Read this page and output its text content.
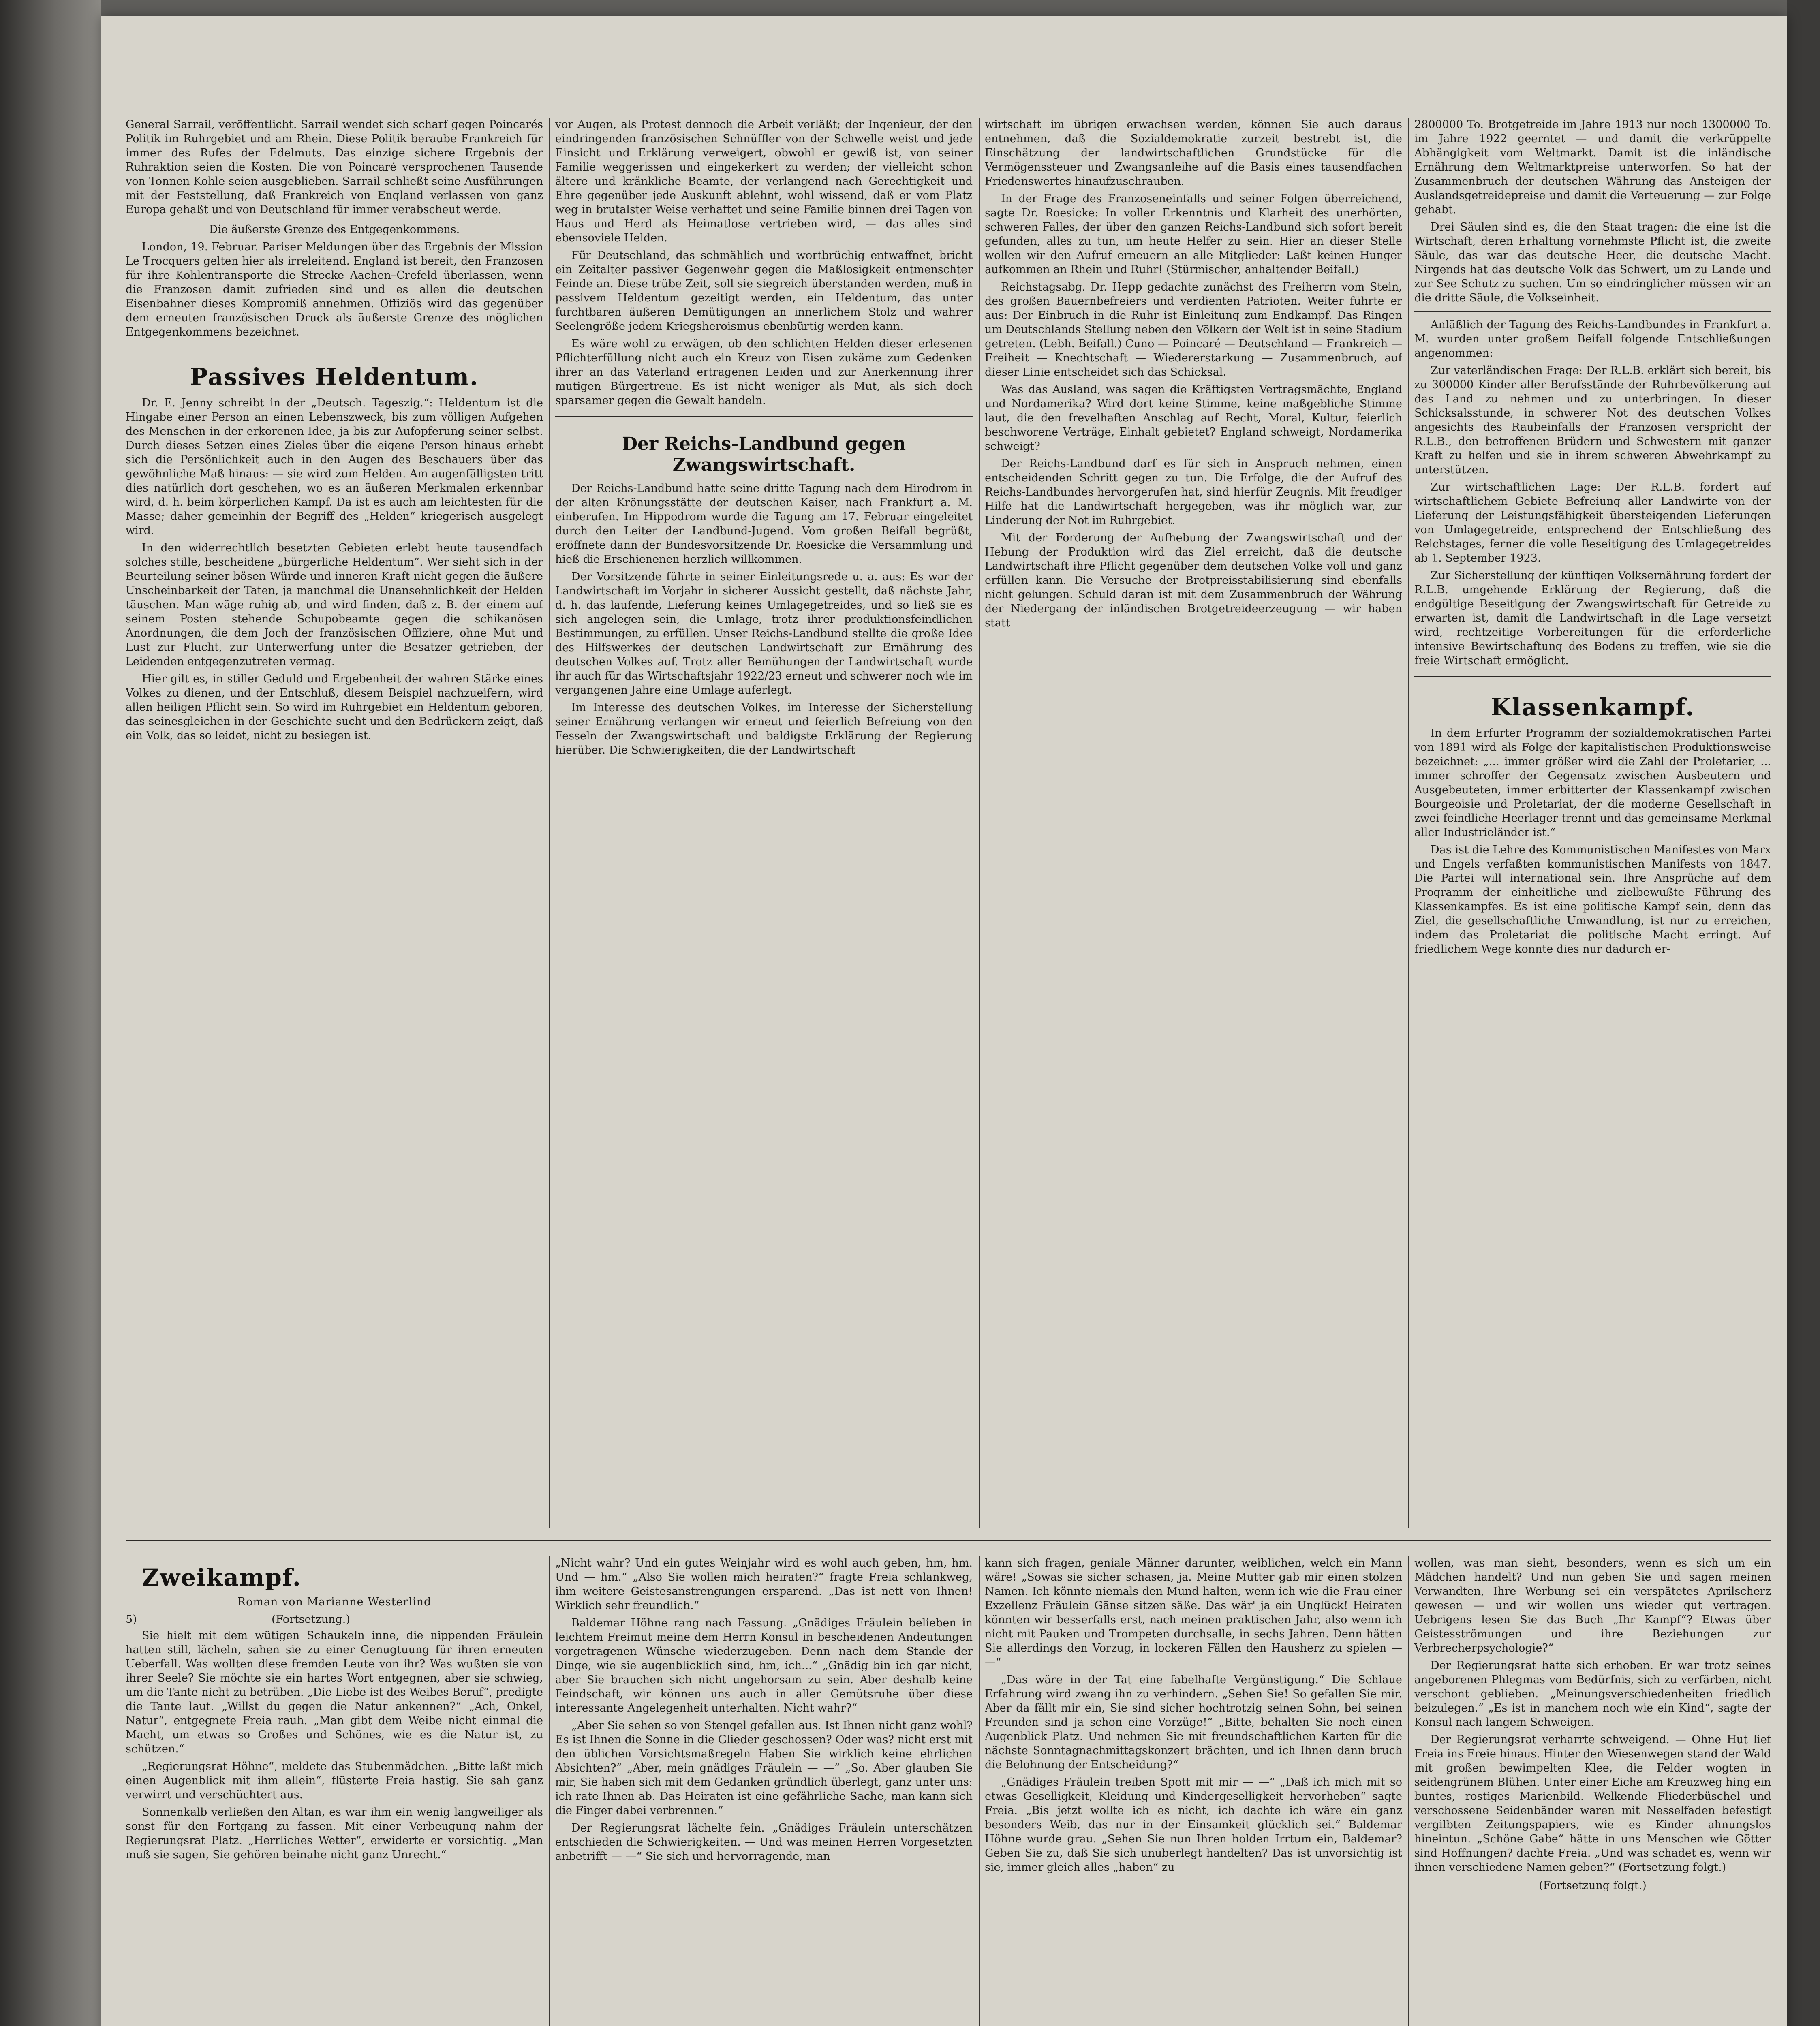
General Sarrail, veröffentlicht. Sarrail wendet sich scharf gegen Poincarés Politik im Ruhrgebiet und am Rhein. Diese Politik beraube Frankreich für immer des Rufes der Edelmuts. Das einzige sichere Ergebnis der Ruhraktion seien die Kosten. Die von Poincaré versprochenen Tausende von Tonnen Kohle seien ausgeblieben. Sarrail schließt seine Ausführungen mit der Feststellung, daß Frankreich von England verlassen von ganz Europa gehaßt und von Deutschland für immer verabscheut werde.

Die äußerste Grenze des Entgegenkommens.

London, 19. Februar. Pariser Meldungen über das Ergebnis der Mission Le Trocquers gelten hier als irreleitend. England ist bereit, den Franzosen für ihre Kohlentransporte die Strecke Aachen–Crefeld überlassen, wenn die Franzosen damit zufrieden sind und es allen die deutschen Eisenbahner dieses Kompromiß annehmen. Offiziös wird das gegenüber dem erneuten französischen Druck als äußerste Grenze des möglichen Entgegenkommens bezeichnet.

Passives Heldentum.

Dr. E. Jenny schreibt in der „Deutsch. Tageszig.“: Heldentum ist die Hingabe einer Person an einen Lebenszweck, bis zum völligen Aufgehen des Menschen in der erkorenen Idee, ja bis zur Aufopferung seiner selbst. Durch dieses Setzen eines Zieles über die eigene Person hinaus erhebt sich die Persönlichkeit auch in den Augen des Beschauers über das gewöhnliche Maß hinaus: — sie wird zum Helden. Am augenfälligsten tritt dies natürlich dort geschehen, wo es an äußeren Merkmalen erkennbar wird, d. h. beim körperlichen Kampf. Da ist es auch am leichtesten für die Masse; daher gemeinhin der Begriff des „Helden“ kriegerisch ausgelegt wird.

In den widerrechtlich besetzten Gebieten erlebt heute tausendfach solches stille, bescheidene „bürgerliche Heldentum“. Wer sieht sich in der Beurteilung seiner bösen Würde und inneren Kraft nicht gegen die äußere Unscheinbarkeit der Taten, ja manchmal die Unansehnlichkeit der Helden täuschen. Man wäge ruhig ab, und wird finden, daß z. B. der einem auf seinem Posten stehende Schupobeamte gegen die schikanösen Anordnungen, die dem Joch der französischen Offiziere, ohne Mut und Lust zur Flucht, zur Unterwerfung unter die Besatzer getrieben, der Leidenden entgegenzutreten vermag.

Hier gilt es, in stiller Geduld und Ergebenheit der wahren Stärke eines Volkes zu dienen, und der Entschluß, diesem Beispiel nachzueifern, wird allen heiligen Pflicht sein. So wird im Ruhrgebiet ein Heldentum geboren, das seinesgleichen in der Geschichte sucht und den Bedrückern zeigt, daß ein Volk, das so leidet, nicht zu besiegen ist.

vor Augen, als Protest dennoch die Arbeit verläßt; der Ingenieur, der den eindringenden französischen Schnüffler von der Schwelle weist und jede Einsicht und Erklärung verweigert, obwohl er gewiß ist, von seiner Familie weggerissen und eingekerkert zu werden; der vielleicht schon ältere und kränkliche Beamte, der verlangend nach Gerechtigkeit und Ehre gegenüber jede Auskunft ablehnt, wohl wissend, daß er vom Platz weg in brutalster Weise verhaftet und seine Familie binnen drei Tagen von Haus und Herd als Heimatlose vertrieben wird, — das alles sind ebensoviele Helden.

Für Deutschland, das schmählich und wortbrüchig entwaffnet, bricht ein Zeitalter passiver Gegenwehr gegen die Maßlosigkeit entmenschter Feinde an. Diese trübe Zeit, soll sie siegreich überstanden werden, muß in passivem Heldentum gezeitigt werden, ein Heldentum, das unter furchtbaren äußeren Demütigungen an innerlichem Stolz und wahrer Seelengröße jedem Kriegsheroismus ebenbürtig werden kann.

Es wäre wohl zu erwägen, ob den schlichten Helden dieser erlesenen Pflichterfüllung nicht auch ein Kreuz von Eisen zukäme zum Gedenken ihrer an das Vaterland ertragenen Leiden und zur Anerkennung ihrer mutigen Bürgertreue. Es ist nicht weniger als Mut, als sich doch sparsamer gegen die Gewalt handeln.

Der Reichs-Landbund gegen Zwangswirtschaft.

Der Reichs-Landbund hatte seine dritte Tagung nach dem Hirodrom in der alten Krönungsstätte der deutschen Kaiser, nach Frankfurt a. M. einberufen. Im Hippodrom wurde die Tagung am 17. Februar eingeleitet durch den Leiter der Landbund-Jugend. Vom großen Beifall begrüßt, eröffnete dann der Bundesvorsitzende Dr. Roesicke die Versammlung und hieß die Erschienenen herzlich willkommen.

Der Vorsitzende führte in seiner Einleitungsrede u. a. aus: Es war der Landwirtschaft im Vorjahr in sicherer Aussicht gestellt, daß nächste Jahr, d. h. das laufende, Lieferung keines Umlagegetreides, und so ließ sie es sich angelegen sein, die Umlage, trotz ihrer produktionsfeindlichen Bestimmungen, zu erfüllen. Unser Reichs-Landbund stellte die große Idee des Hilfswerkes der deutschen Landwirtschaft zur Ernährung des deutschen Volkes auf. Trotz aller Bemühungen der Landwirtschaft wurde ihr auch für das Wirtschaftsjahr 1922/23 erneut und schwerer noch wie im vergangenen Jahre eine Umlage auferlegt.

Im Interesse des deutschen Volkes, im Interesse der Sicherstellung seiner Ernährung verlangen wir erneut und feierlich Befreiung von den Fesseln der Zwangswirtschaft und baldigste Erklärung der Regierung hierüber. Die Schwierigkeiten, die der Landwirtschaft

wirtschaft im übrigen erwachsen werden, können Sie auch daraus entnehmen, daß die Sozialdemokratie zurzeit bestrebt ist, die Einschätzung der landwirtschaftlichen Grundstücke für die Vermögenssteuer und Zwangsanleihe auf die Basis eines tausendfachen Friedenswertes hinaufzuschrauben.

In der Frage des Franzoseneinfalls und seiner Folgen überreichend, sagte Dr. Roesicke: In voller Erkenntnis und Klarheit des unerhörten, schweren Falles, der über den ganzen Reichs-Landbund sich sofort bereit gefunden, alles zu tun, um heute Helfer zu sein. Hier an dieser Stelle wollen wir den Aufruf erneuern an alle Mitglieder: Laßt keinen Hunger aufkommen an Rhein und Ruhr! (Stürmischer, anhaltender Beifall.)

Reichstagsabg. Dr. Hepp gedachte zunächst des Freiherrn vom Stein, des großen Bauernbefreiers und verdienten Patrioten. Weiter führte er aus: Der Einbruch in die Ruhr ist Einleitung zum Endkampf. Das Ringen um Deutschlands Stellung neben den Völkern der Welt ist in seine Stadium getreten. (Lebh. Beifall.) Cuno — Poincaré — Deutschland — Frankreich — Freiheit — Knechtschaft — Wiedererstarkung — Zusammenbruch, auf dieser Linie entscheidet sich das Schicksal.

Was das Ausland, was sagen die Kräftigsten Vertragsmächte, England und Nordamerika? Wird dort keine Stimme, keine maßgebliche Stimme laut, die den frevelhaften Anschlag auf Recht, Moral, Kultur, feierlich beschworene Verträge, Einhalt gebietet? England schweigt, Nordamerika schweigt?

Der Reichs-Landbund darf es für sich in Anspruch nehmen, einen entscheidenden Schritt gegen zu tun. Die Erfolge, die der Aufruf des Reichs-Landbundes hervorgerufen hat, sind hierfür Zeugnis. Mit freudiger Hilfe hat die Landwirtschaft hergegeben, was ihr möglich war, zur Linderung der Not im Ruhrgebiet.

Mit der Forderung der Aufhebung der Zwangswirtschaft und der Hebung der Produktion wird das Ziel erreicht, daß die deutsche Landwirtschaft ihre Pflicht gegenüber dem deutschen Volke voll und ganz erfüllen kann. Die Versuche der Brotpreisstabilisierung sind ebenfalls nicht gelungen. Schuld daran ist mit dem Zusammenbruch der Währung der Niedergang der inländischen Brotgetreideerzeugung — wir haben statt

2800000 To. Brotgetreide im Jahre 1913 nur noch 1300000 To. im Jahre 1922 geerntet — und damit die verkrüppelte Abhängigkeit vom Weltmarkt. Damit ist die inländische Ernährung dem Weltmarktpreise unterworfen. So hat der Zusammenbruch der deutschen Währung das Ansteigen der Auslandsgetreidepreise und damit die Verteuerung — zur Folge gehabt.

Drei Säulen sind es, die den Staat tragen: die eine ist die Wirtschaft, deren Erhaltung vornehmste Pflicht ist, die zweite Säule, das war das deutsche Heer, die deutsche Macht. Nirgends hat das deutsche Volk das Schwert, um zu Lande und zur See Schutz zu suchen. Um so eindringlicher müssen wir an die dritte Säule, die Volkseinheit.

Anläßlich der Tagung des Reichs-Landbundes in Frankfurt a. M. wurden unter großem Beifall folgende Entschließungen angenommen:

Zur vaterländischen Frage: Der R.L.B. erklärt sich bereit, bis zu 300000 Kinder aller Berufsstände der Ruhrbevölkerung auf das Land zu nehmen und zu unterbringen. In dieser Schicksalsstunde, in schwerer Not des deutschen Volkes angesichts des Raubeinfalls der Franzosen verspricht der R.L.B., den betroffenen Brüdern und Schwestern mit ganzer Kraft zu helfen und sie in ihrem schweren Abwehrkampf zu unterstützen.

Zur wirtschaftlichen Lage: Der R.L.B. fordert auf wirtschaftlichem Gebiete Befreiung aller Landwirte von der Lieferung der Leistungsfähigkeit übersteigenden Lieferungen von Umlagegetreide, entsprechend der Entschließung des Reichstages, ferner die volle Beseitigung des Umlagegetreides ab 1. September 1923.

Zur Sicherstellung der künftigen Volksernährung fordert der R.L.B. umgehende Erklärung der Regierung, daß die endgültige Beseitigung der Zwangswirtschaft für Getreide zu erwarten ist, damit die Landwirtschaft in die Lage versetzt wird, rechtzeitige Vorbereitungen für die erforderliche intensive Bewirtschaftung des Bodens zu treffen, wie sie die freie Wirtschaft ermöglicht.

Klassenkampf.

In dem Erfurter Programm der sozialdemokratischen Partei von 1891 wird als Folge der kapitalistischen Produktionsweise bezeichnet: „... immer größer wird die Zahl der Proletarier, ... immer schroffer der Gegensatz zwischen Ausbeutern und Ausgebeuteten, immer erbitterter der Klassenkampf zwischen Bourgeoisie und Proletariat, der die moderne Gesellschaft in zwei feindliche Heerlager trennt und das gemeinsame Merkmal aller Industrieländer ist.“

Das ist die Lehre des Kommunistischen Manifestes von Marx und Engels verfaßten kommunistischen Manifests von 1847. Die Partei will international sein. Ihre Ansprüche auf dem Programm der einheitliche und zielbewußte Führung des Klassenkampfes. Es ist eine politische Kampf sein, denn das Ziel, die gesellschaftliche Umwandlung, ist nur zu erreichen, indem das Proletariat die politische Macht erringt. Auf friedlichem Wege konnte dies nur dadurch er-

Zweikampf.

Roman von Marianne Westerlind

5)	(Fortsetzung.)

Sie hielt mit dem wütigen Schaukeln inne, die nippenden Fräulein hatten still, lächeln, sahen sie zu einer Genugtuung für ihren erneuten Ueberfall. Was wollten diese fremden Leute von ihr? Was wußten sie von ihrer Seele? Sie möchte sie ein hartes Wort entgegnen, aber sie schwieg, um die Tante nicht zu betrüben. „Die Liebe ist des Weibes Beruf“, predigte die Tante laut. „Willst du gegen die Natur ankennen?“ „Ach, Onkel, Natur“, entgegnete Freia rauh. „Man gibt dem Weibe nicht einmal die Macht, um etwas so Großes und Schönes, wie es die Natur ist, zu schützen.“

„Regierungsrat Höhne“, meldete das Stubenmädchen. „Bitte laßt mich einen Augenblick mit ihm allein“, flüsterte Freia hastig. Sie sah ganz verwirrt und verschüchtert aus.

Sonnenkalb verließen den Altan, es war ihm ein wenig langweiliger als sonst für den Fortgang zu fassen. Mit einer Verbeugung nahm der Regierungsrat Platz. „Herrliches Wetter“, erwiderte er vorsichtig. „Man muß sie sagen, Sie gehören beinahe nicht ganz Unrecht.“

„Nicht wahr? Und ein gutes Weinjahr wird es wohl auch geben, hm, hm. Und — hm.“ „Also Sie wollen mich heiraten?“ fragte Freia schlankweg, ihm weitere Geistesanstrengungen ersparend. „Das ist nett von Ihnen! Wirklich sehr freundlich.“

Baldemar Höhne rang nach Fassung. „Gnädiges Fräulein belieben in leichtem Freimut meine dem Herrn Konsul in bescheidenen Andeutungen vorgetragenen Wünsche wiederzugeben. Denn nach dem Stande der Dinge, wie sie augenblicklich sind, hm, ich...“ „Gnädig bin ich gar nicht, aber Sie brauchen sich nicht ungehorsam zu sein. Aber deshalb keine Feindschaft, wir können uns auch in aller Gemütsruhe über diese interessante Angelegenheit unterhalten. Nicht wahr?“

„Aber Sie sehen so von Stengel gefallen aus. Ist Ihnen nicht ganz wohl? Es ist Ihnen die Sonne in die Glieder geschossen? Oder was? nicht erst mit den üblichen Vorsichtsmaßregeln Haben Sie wirklich keine ehrlichen Absichten?“ „Aber, mein gnädiges Fräulein — —“ „So. Aber glauben Sie mir, Sie haben sich mit dem Gedanken gründlich überlegt, ganz unter uns: ich rate Ihnen ab. Das Heiraten ist eine gefährliche Sache, man kann sich die Finger dabei verbrennen.“

Der Regierungsrat lächelte fein. „Gnädiges Fräulein unterschätzen entschieden die Schwierigkeiten. — Und was meinen Herren Vorgesetzten anbetrifft — —“ Sie sich und hervorragende, man

kann sich fragen, geniale Männer darunter, weiblichen, welch ein Mann wäre! „Sowas sie sicher schasen, ja. Meine Mutter gab mir einen stolzen Namen. Ich könnte niemals den Mund halten, wenn ich wie die Frau einer Exzellenz Fräulein Gänse sitzen säße. Das wär' ja ein Unglück! Heiraten könnten wir besserfalls erst, nach meinen praktischen Jahr, also wenn ich nicht mit Pauken und Trompeten durchsalle, in sechs Jahren. Denn hätten Sie allerdings den Vorzug, in lockeren Fällen den Hausherz zu spielen — —“

„Das wäre in der Tat eine fabelhafte Vergünstigung.“ Die Schlaue Erfahrung wird zwang ihn zu verhindern. „Sehen Sie! So gefallen Sie mir. Aber da fällt mir ein, Sie sind sicher hochtrotzig seinen Sohn, bei seinen Freunden sind ja schon eine Vorzüge!“ „Bitte, behalten Sie noch einen Augenblick Platz. Und nehmen Sie mit freundschaftlichen Karten für die nächste Sonntagnachmittagskonzert brächten, und ich Ihnen dann bruch die Belohnung der Entscheidung?“

„Gnädiges Fräulein treiben Spott mit mir — —“ „Daß ich mich mit so etwas Geselligkeit, Kleidung und Kindergeselligkeit hervorheben“ sagte Freia. „Bis jetzt wollte ich es nicht, ich dachte ich wäre ein ganz besonders Weib, das nur in der Einsamkeit glücklich sei.“ Baldemar Höhne wurde grau. „Sehen Sie nun Ihren holden Irrtum ein, Baldemar? Geben Sie zu, daß Sie sich unüberlegt handelten? Das ist unvorsichtig ist sie, immer gleich alles „haben“ zu

wollen, was man sieht, besonders, wenn es sich um ein Mädchen handelt? Und nun geben Sie und sagen meinen Verwandten, Ihre Werbung sei ein verspätetes Aprilscherz gewesen — und wir wollen uns wieder gut vertragen. Uebrigens lesen Sie das Buch „Ihr Kampf“? Etwas über Geistesströmungen und ihre Beziehungen zur Verbrecherpsychologie?“

Der Regierungsrat hatte sich erhoben. Er war trotz seines angeborenen Phlegmas vom Bedürfnis, sich zu verfärben, nicht verschont geblieben. „Meinungsverschiedenheiten friedlich beizulegen.“ „Es ist in manchem noch wie ein Kind“, sagte der Konsul nach langem Schweigen.

Der Regierungsrat verharrte schweigend. — Ohne Hut lief Freia ins Freie hinaus. Hinter den Wiesenwegen stand der Wald mit großen bewimpelten Klee, die Felder wogten in seidengrünem Blühen. Unter einer Eiche am Kreuzweg hing ein buntes, rostiges Marienbild. Welkende Fliederbüschel und verschossene Seidenbänder waren mit Nesselfaden befestigt vergilbten Zeitungspapiers, wie es Kinder ahnungslos hineintun. „Schöne Gabe“ hätte in uns Menschen wie Götter sind Hoffnungen? dachte Freia. „Und was schadet es, wenn wir ihnen verschiedene Namen geben?“ (Fortsetzung folgt.)

(Fortsetzung folgt.)
